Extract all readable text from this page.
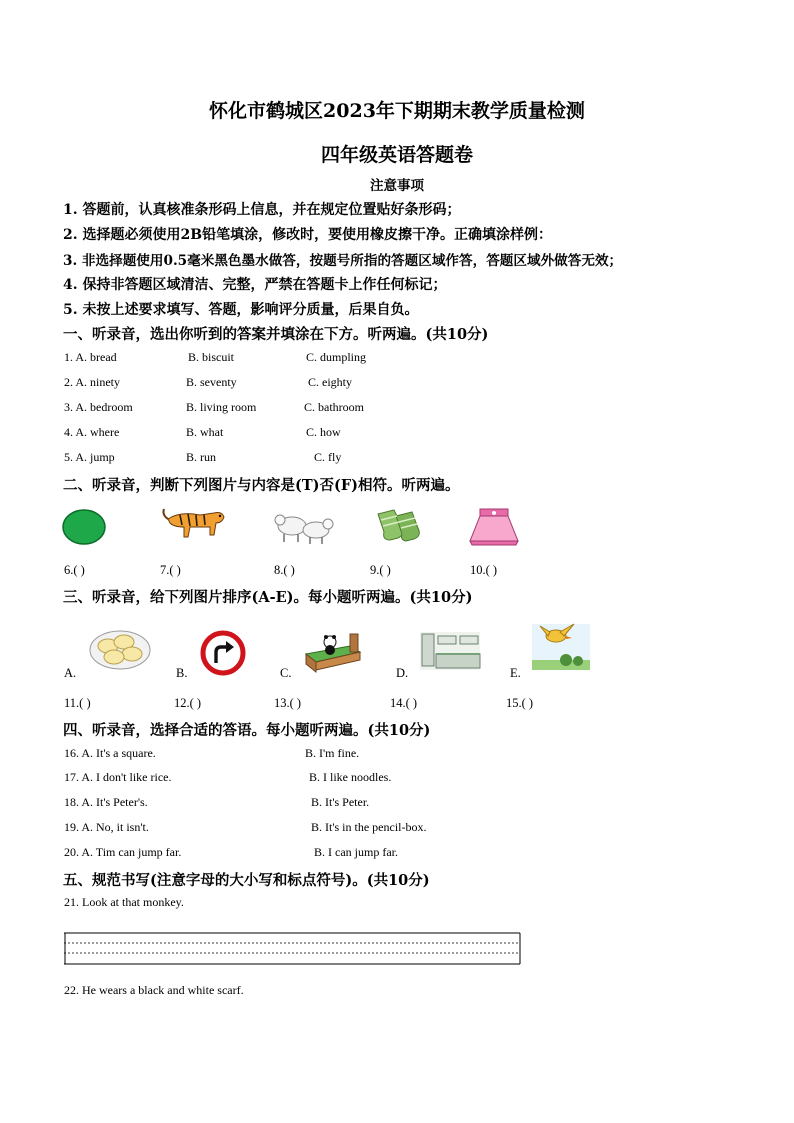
怀化市鹤城区2023年下期期末教学质量检测
四年级英语答题卷
注意事项
1. 答题前，认真核准条形码上信息，并在规定位置贴好条形码；
2. 选择题必须使用2B铅笔填涂，修改时，要使用橡皮擦干净。正确填涂样例：
3. 非选择题使用0.5毫米黑色墨水做答，按题号所指的答题区域作答，答题区域外做答无效；
4. 保持非答题区域清洁、完整，严禁在答题卡上作任何标记；
5. 未按上述要求填写、答题，影响评分质量，后果自负。
一、听录音，选出你听到的答案并填涂在下方。听两遍。(共10分)
1. A. bread	B. biscuit	C. dumpling
2. A. ninety	B. seventy	C. eighty
3. A. bedroom	B. living room	C. bathroom
4. A. where	B. what	C. how
5. A. jump	B. run	C. fly
二、听录音，判断下列图片与内容是(T)否(F)相符。听两遍。
6.( )	7.( )	8.( )	9.( )	10.( )
三、听录音，给下列图片排序(A-E)。每小题听两遍。(共10分)
A.	B.	C.	D.	E.
11.( )	12.( )	13.( )	14.( )	15.( )
四、听录音，选择合适的答语。每小题听两遍。(共10分)
16. A. It's a square.	B. I'm fine.
17. A. I don't like rice.	B. I like noodles.
18. A. It's Peter's.	B. It's Peter.
19. A. No, it isn't.	B. It's in the pencil-box.
20. A. Tim can jump far.	B. I can jump far.
五、规范书写(注意字母的大小写和标点符号)。(共10分)
21. Look at that monkey.
22. He wears a black and white scarf.
